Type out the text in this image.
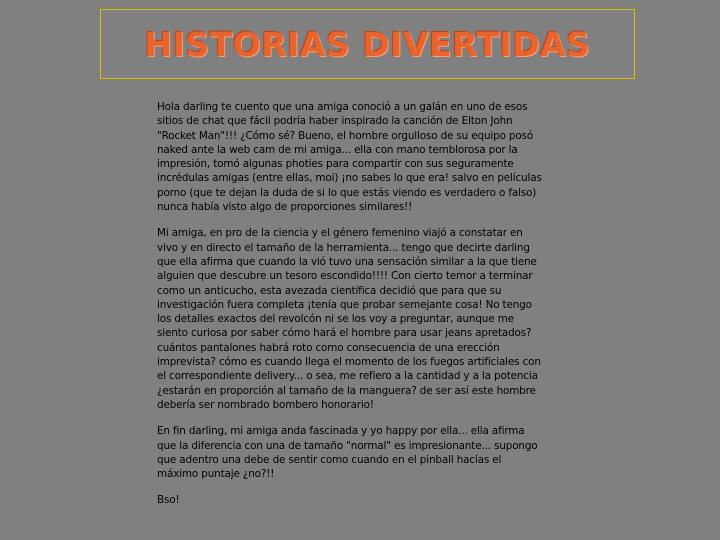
HISTORIAS DIVERTIDAS

Hola darling te cuento que una amiga conoció a un galán en uno de esos sitios de chat que fácil podría haber inspirado la canción de Elton John "Rocket Man"!!! ¿Cómo sé? Bueno, el hombre orgulloso de su equipo posó naked ante la web cam de mi amiga... ella con mano temblorosa por la impresión, tomó algunas photies para compartir con sus seguramente incrédulas amigas (entre ellas, moi) ¡no sabes lo que era! salvo en películas porno (que te dejan la duda de si lo que estás viendo es verdadero o falso) nunca había visto algo de proporciones similares!!

Mi amiga, en pro de la ciencia y el género femenino viajó a constatar en vivo y en directo el tamaño de la herramienta... tengo que decirte darling que ella afirma que cuando la vió tuvo una sensación similar a la que tiene alguien que descubre un tesoro escondido!!!! Con cierto temor a terminar como un anticucho, esta avezada científica decidió que para que su investigación fuera completa ¡tenía que probar semejante cosa! No tengo los detalles exactos del revolcón ni se los voy a preguntar, aunque me siento curiosa por saber cómo hará el hombre para usar jeans apretados? cuántos pantalones habrá roto como consecuencia de una erección imprevista? cómo es cuando llega el momento de los fuegos artificiales con el correspondiente delivery... o sea, me refiero a la cantidad y a la potencia ¿estarán en proporción al tamaño de la manguera? de ser así este hombre debería ser nombrado bombero honorario!

En fin darling, mi amiga anda fascinada y yo happy por ella... ella afirma que la diferencia con una de tamaño "normal" es impresionante... supongo que adentro una debe de sentir como cuando en el pinball hacías el máximo puntaje ¿no?!!

Bso!
